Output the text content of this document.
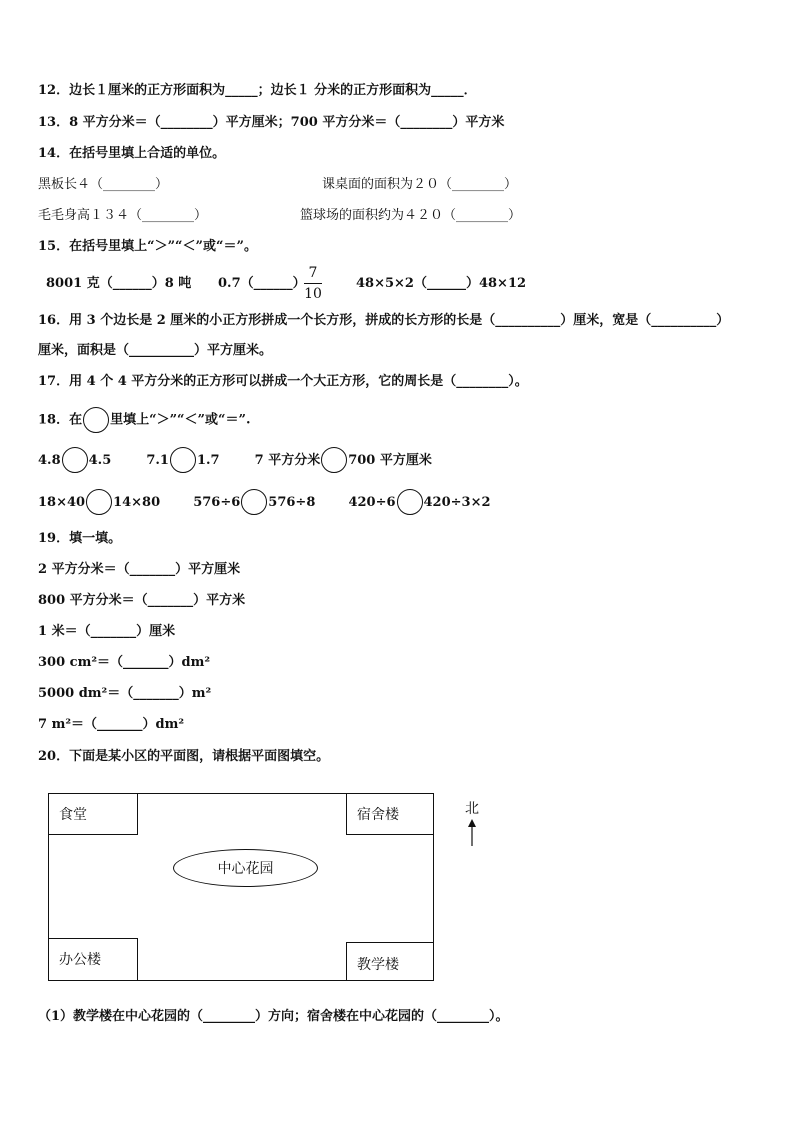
12．边长１厘米的正方形面积为_____；边长１ 分米的正方形面积为_____．
13．8 平方分米＝（________）平方厘米；700 平方分米＝（________）平方米
14．在括号里填上合适的单位。
黑板长４（________）	课桌面的面积为２０（________）
毛毛身高１３４（________）	篮球场的面积约为４２０（________）
15．在括号里填上“＞”“＜”或“＝”。
8001 克（______）8 吨 0.7（______）
7
10
48×5×2（______）48×12
16．用 3 个边长是 2 厘米的小正方形拼成一个长方形，拼成的长方形的长是（__________）厘米，宽是（__________）
厘米，面积是（__________）平方厘米。
17．用 4 个 4 平方分米的正方形可以拼成一个大正方形，它的周长是（________）。
18．在 里填上“＞”“＜”或“＝”.
4.8 4.5	7.1 1.7	7 平方分米 700 平方厘米
18×40 14×80	576÷6 576÷8	420÷6 420÷3×2
19．填一填。
2 平方分米＝（_______）平方厘米
800 平方分米＝（_______）平方米
1 米＝（_______）厘米
300 cm²＝（_______）dm²
5000 dm²＝（_______）m²
7 m²＝（_______）dm²
20．下面是某小区的平面图，请根据平面图填空。
食堂	宿舍楼
办公楼	教学楼
中心花园
北
（1）教学楼在中心花园的（________）方向；宿舍楼在中心花园的（________）。
